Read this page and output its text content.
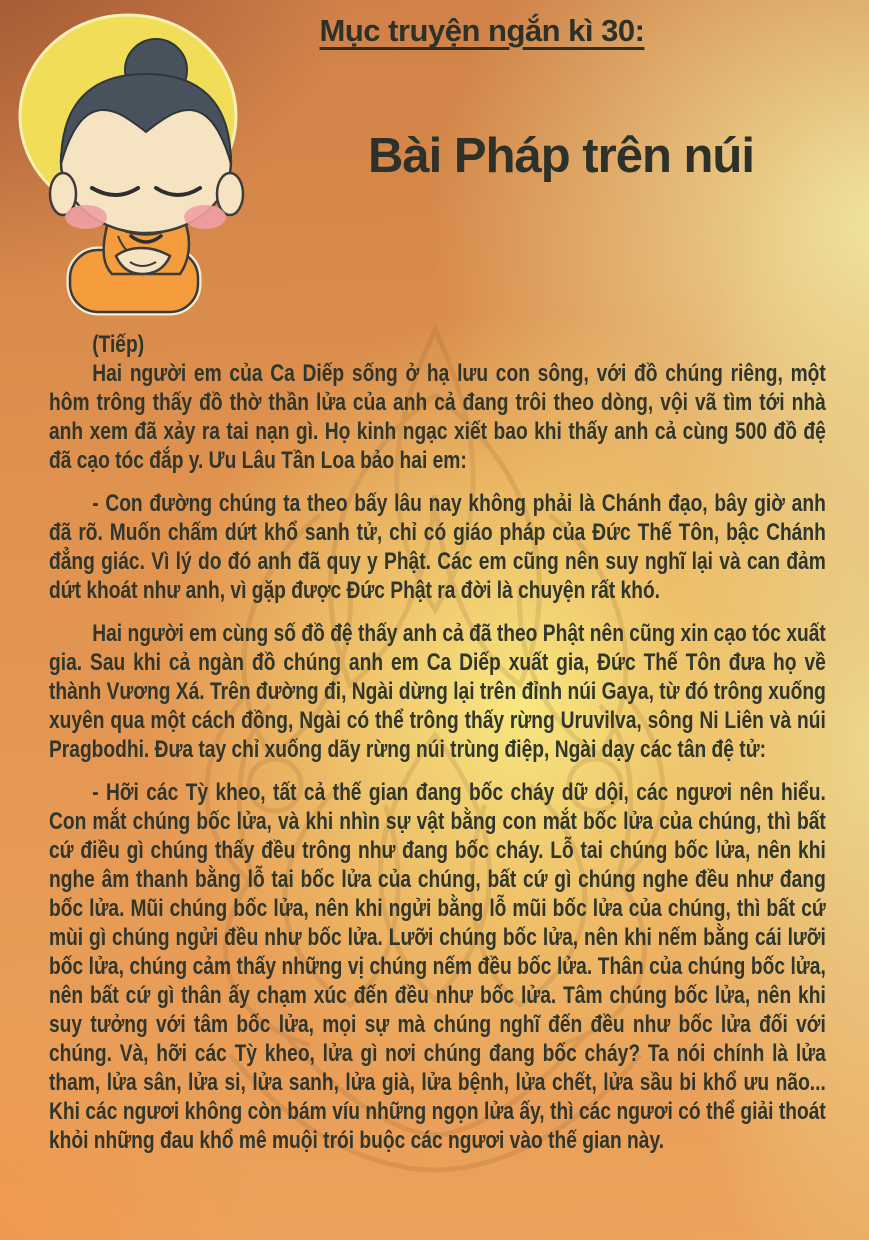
Mục truyện ngắn kì 30:
Bài Pháp trên núi

(Tiếp)

Hai người em của Ca Diếp sống ở hạ lưu con sông, với đồ chúng riêng, một hôm trông thấy đồ thờ thần lửa của anh cả đang trôi theo dòng, vội vã tìm tới nhà anh xem đã xảy ra tai nạn gì. Họ kinh ngạc xiết bao khi thấy anh cả cùng 500 đồ đệ đã cạo tóc đắp y. Ưu Lâu Tần Loa bảo hai em:

- Con đường chúng ta theo bấy lâu nay không phải là Chánh đạo, bây giờ anh đã rõ. Muốn chấm dứt khổ sanh tử, chỉ có giáo pháp của Đức Thế Tôn, bậc Chánh đẳng giác. Vì lý do đó anh đã quy y Phật. Các em cũng nên suy nghĩ lại và can đảm dứt khoát như anh, vì gặp được Đức Phật ra đời là chuyện rất khó.

Hai người em cùng số đồ đệ thấy anh cả đã theo Phật nên cũng xin cạo tóc xuất gia. Sau khi cả ngàn đồ chúng anh em Ca Diếp xuất gia, Đức Thế Tôn đưa họ về thành Vương Xá. Trên đường đi, Ngài dừng lại trên đỉnh núi Gaya, từ đó trông xuống xuyên qua một cách đồng, Ngài có thể trông thấy rừng Uruvilva, sông Ni Liên và núi Pragbodhi. Đưa tay chỉ xuống dãy rừng núi trùng điệp, Ngài dạy các tân đệ tử:

- Hỡi các Tỳ kheo, tất cả thế gian đang bốc cháy dữ dội, các ngươi nên hiểu. Con mắt chúng bốc lửa, và khi nhìn sự vật bằng con mắt bốc lửa của chúng, thì bất cứ điều gì chúng thấy đều trông như đang bốc cháy. Lỗ tai chúng bốc lửa, nên khi nghe âm thanh bằng lỗ tai bốc lửa của chúng, bất cứ gì chúng nghe đều như đang bốc lửa. Mũi chúng bốc lửa, nên khi ngửi bằng lỗ mũi bốc lửa của chúng, thì bất cứ mùi gì chúng ngửi đều như bốc lửa. Lưỡi chúng bốc lửa, nên khi nếm bằng cái lưỡi bốc lửa, chúng cảm thấy những vị chúng nếm đều bốc lửa. Thân của chúng bốc lửa, nên bất cứ gì thân ấy chạm xúc đến đều như bốc lửa. Tâm chúng bốc lửa, nên khi suy tưởng với tâm bốc lửa, mọi sự mà chúng nghĩ đến đều như bốc lửa đối với chúng. Và, hỡi các Tỳ kheo, lửa gì nơi chúng đang bốc cháy? Ta nói chính là lửa tham, lửa sân, lửa si, lửa sanh, lửa già, lửa bệnh, lửa chết, lửa sầu bi khổ ưu não... Khi các ngươi không còn bám víu những ngọn lửa ấy, thì các ngươi có thể giải thoát khỏi những đau khổ mê muội trói buộc các ngươi vào thế gian này.
